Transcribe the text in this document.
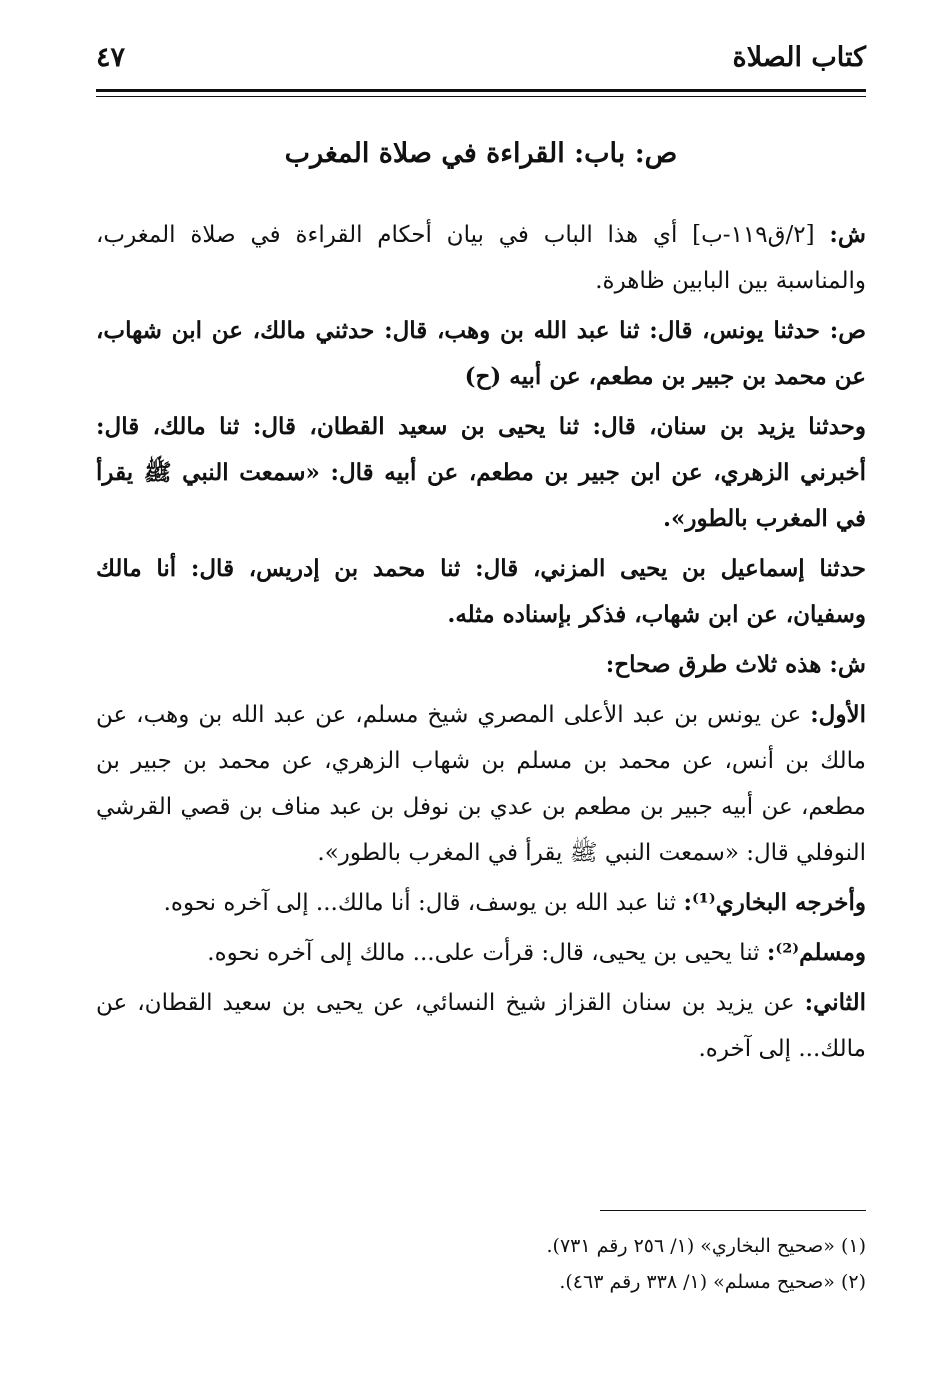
كتاب الصلاة
٤٧
ص: باب: القراءة في صلاة المغرب

ش: [٢/ق١١٩-ب] أي هذا الباب في بيان أحكام القراءة في صلاة المغرب، والمناسبة بين البابين ظاهرة.

ص: حدثنا يونس، قال: ثنا عبد الله بن وهب، قال: حدثني مالك، عن ابن شهاب، عن محمد بن جبير بن مطعم، عن أبيه (ح)

وحدثنا يزيد بن سنان، قال: ثنا يحيى بن سعيد القطان، قال: ثنا مالك، قال: أخبرني الزهري، عن ابن جبير بن مطعم، عن أبيه قال: «سمعت النبي ﷺ يقرأ في المغرب بالطور».

حدثنا إسماعيل بن يحيى المزني، قال: ثنا محمد بن إدريس، قال: أنا مالك وسفيان، عن ابن شهاب، فذكر بإسناده مثله.

ش: هذه ثلاث طرق صحاح:

الأول: عن يونس بن عبد الأعلى المصري شيخ مسلم، عن عبد الله بن وهب، عن مالك بن أنس، عن محمد بن مسلم بن شهاب الزهري، عن محمد بن جبير بن مطعم، عن أبيه جبير بن مطعم بن عدي بن نوفل بن عبد مناف بن قصي القرشي النوفلي قال: «سمعت النبي ﷺ يقرأ في المغرب بالطور».

وأخرجه البخاري⁽¹⁾: ثنا عبد الله بن يوسف، قال: أنا مالك... إلى آخره نحوه.

ومسلم⁽²⁾: ثنا يحيى بن يحيى، قال: قرأت على... مالك إلى آخره نحوه.

الثاني: عن يزيد بن سنان القزاز شيخ النسائي، عن يحيى بن سعيد القطان، عن مالك... إلى آخره.

(١) «صحيح البخاري» (١/ ٢٥٦ رقم ٧٣١).

(٢) «صحيح مسلم» (١/ ٣٣٨ رقم ٤٦٣).
